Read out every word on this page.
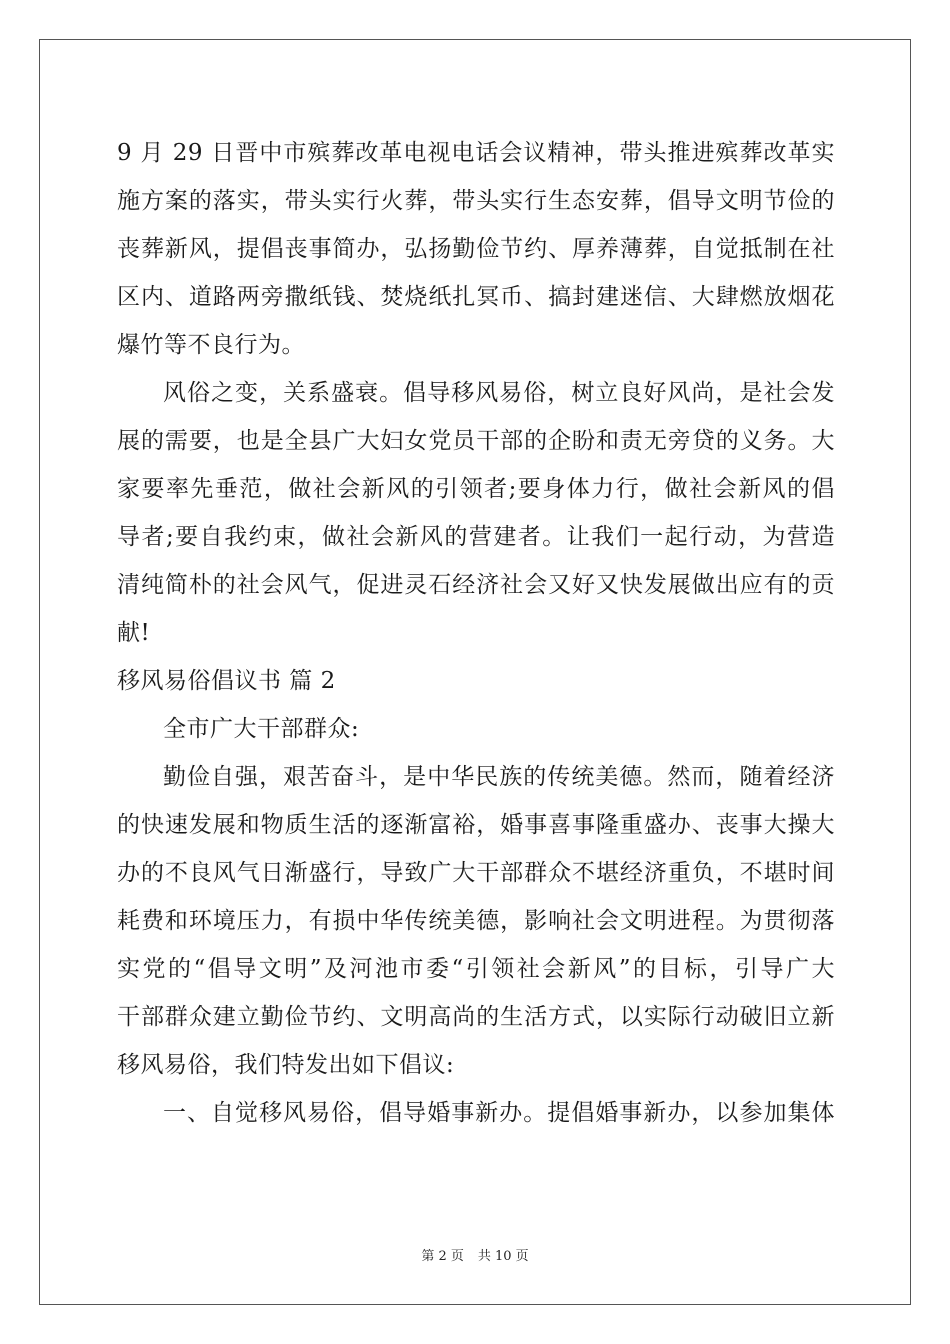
9 月 29 日晋中市殡葬改革电视电话会议精神，带头推进殡葬改革实
施方案的落实，带头实行火葬，带头实行生态安葬，倡导文明节俭的
丧葬新风，提倡丧事简办，弘扬勤俭节约、厚养薄葬，自觉抵制在社
区内、道路两旁撒纸钱、焚烧纸扎冥币、搞封建迷信、大肆燃放烟花
爆竹等不良行为。
风俗之变，关系盛衰。倡导移风易俗，树立良好风尚，是社会发
展的需要，也是全县广大妇女党员干部的企盼和责无旁贷的义务。大
家要率先垂范，做社会新风的引领者;要身体力行，做社会新风的倡
导者;要自我约束，做社会新风的营建者。让我们一起行动，为营造
清纯简朴的社会风气，促进灵石经济社会又好又快发展做出应有的贡
献!
移风易俗倡议书 篇 2
全市广大干部群众:
勤俭自强，艰苦奋斗，是中华民族的传统美德。然而，随着经济
的快速发展和物质生活的逐渐富裕，婚事喜事隆重盛办、丧事大操大
办的不良风气日渐盛行，导致广大干部群众不堪经济重负，不堪时间
耗费和环境压力，有损中华传统美德，影响社会文明进程。为贯彻落
实党的“倡导文明”及河池市委“引领社会新风”的目标，引导广大
干部群众建立勤俭节约、文明高尚的生活方式，以实际行动破旧立新
移风易俗，我们特发出如下倡议:
一、自觉移风易俗，倡导婚事新办。提倡婚事新办，以参加集体
第 2 页 共 10 页
